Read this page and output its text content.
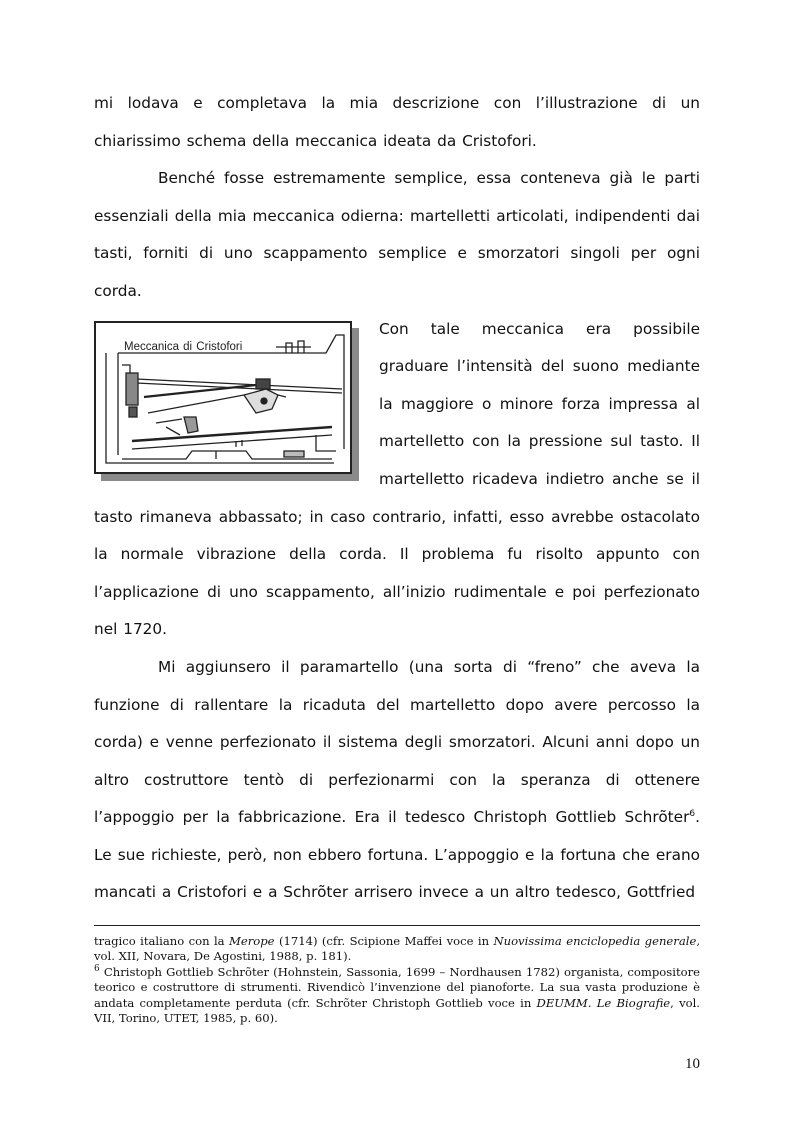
mi lodava e completava la mia descrizione con l’illustrazione di un chiarissimo schema della meccanica ideata da Cristofori.

Benché fosse estremamente semplice, essa conteneva già le parti essenziali della mia meccanica odierna: martelletti articolati, indipendenti dai tasti, forniti di uno scappamento semplice e smorzatori singoli per ogni corda.

Meccanica di Cristofori
Con tale meccanica era possibile graduare l’intensità del suono mediante la maggiore o minore forza impressa al martelletto con la pressione sul tasto. Il martelletto ricadeva indietro anche se il tasto rimaneva abbassato; in caso contrario, infatti, esso avrebbe ostacolato la normale vibrazione della corda. Il problema fu risolto appunto con l’applicazione di uno scappamento, all’inizio rudimentale e poi perfezionato nel 1720.

Mi aggiunsero il paramartello (una sorta di “freno” che aveva la funzione di rallentare la ricaduta del martelletto dopo avere percosso la corda) e venne perfezionato il sistema degli smorzatori. Alcuni anni dopo un altro costruttore tentò di perfezionarmi con la speranza di ottenere l’appoggio per la fabbricazione. Era il tedesco Christoph Gottlieb Schrõter$^6$. Le sue richieste, però, non ebbero fortuna. L’appoggio e la fortuna che erano mancati a Cristofori e a Schrõter arrisero invece a un altro tedesco, Gottfried

tragico italiano con la Merope (1714) (cfr. Scipione Maffei voce in Nuovissima enciclopedia generale, vol. XII, Novara, De Agostini, 1988, p. 181).

$^6$ Christoph Gottlieb Schrõter (Hohnstein, Sassonia, 1699 – Nordhausen 1782) organista, compositore teorico e costruttore di strumenti. Rivendicò l’invenzione del pianoforte. La sua vasta produzione è andata completamente perduta (cfr. Schrõter Christoph Gottlieb voce in DEUMM. Le Biografie, vol. VII, Torino, UTET, 1985, p. 60).

10
